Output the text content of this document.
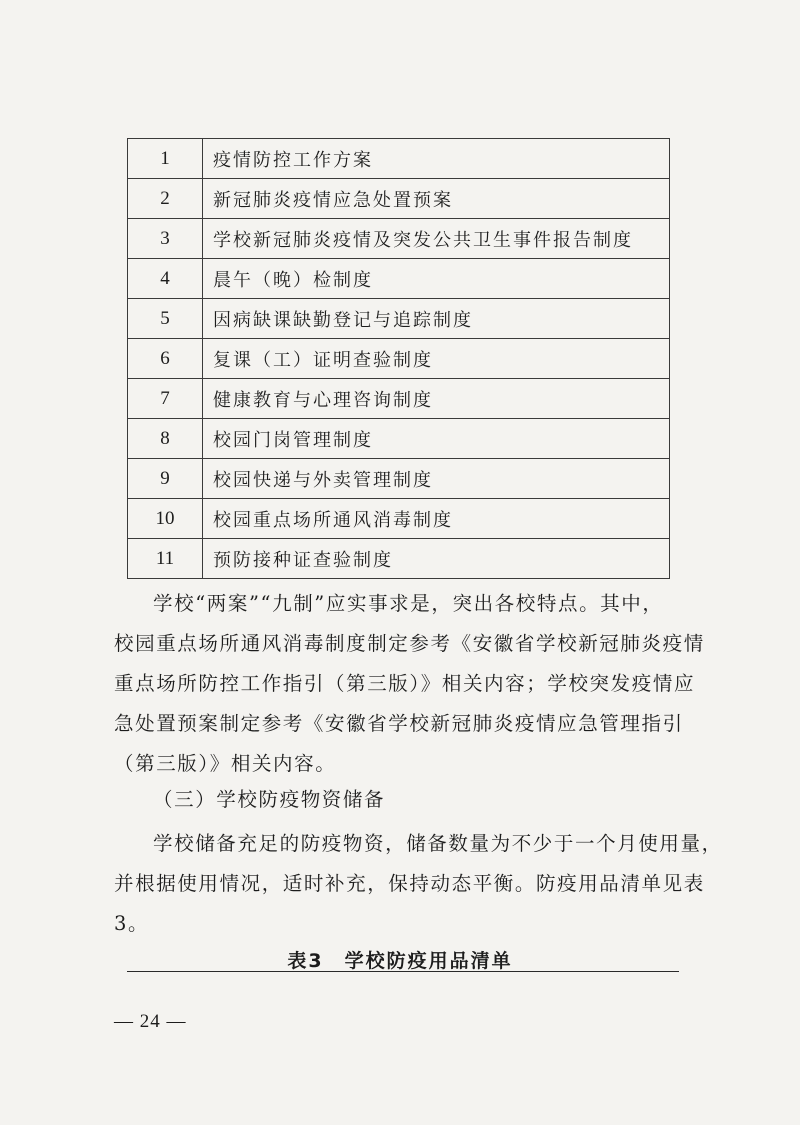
1	疫情防控工作方案
2	新冠肺炎疫情应急处置预案
3	学校新冠肺炎疫情及突发公共卫生事件报告制度
4	晨午（晚）检制度
5	因病缺课缺勤登记与追踪制度
6	复课（工）证明查验制度
7	健康教育与心理咨询制度
8	校园门岗管理制度
9	校园快递与外卖管理制度
10	校园重点场所通风消毒制度
11	预防接种证查验制度
学校“两案”“九制”应实事求是，突出各校特点。其中，
校园重点场所通风消毒制度制定参考《安徽省学校新冠肺炎疫情
重点场所防控工作指引（第三版）》相关内容；学校突发疫情应
急处置预案制定参考《安徽省学校新冠肺炎疫情应急管理指引
（第三版）》相关内容。
（三）学校防疫物资储备
学校储备充足的防疫物资，储备数量为不少于一个月使用量，
并根据使用情况，适时补充，保持动态平衡。防疫用品清单见表
3。
表3　学校防疫用品清单
— 24 —
